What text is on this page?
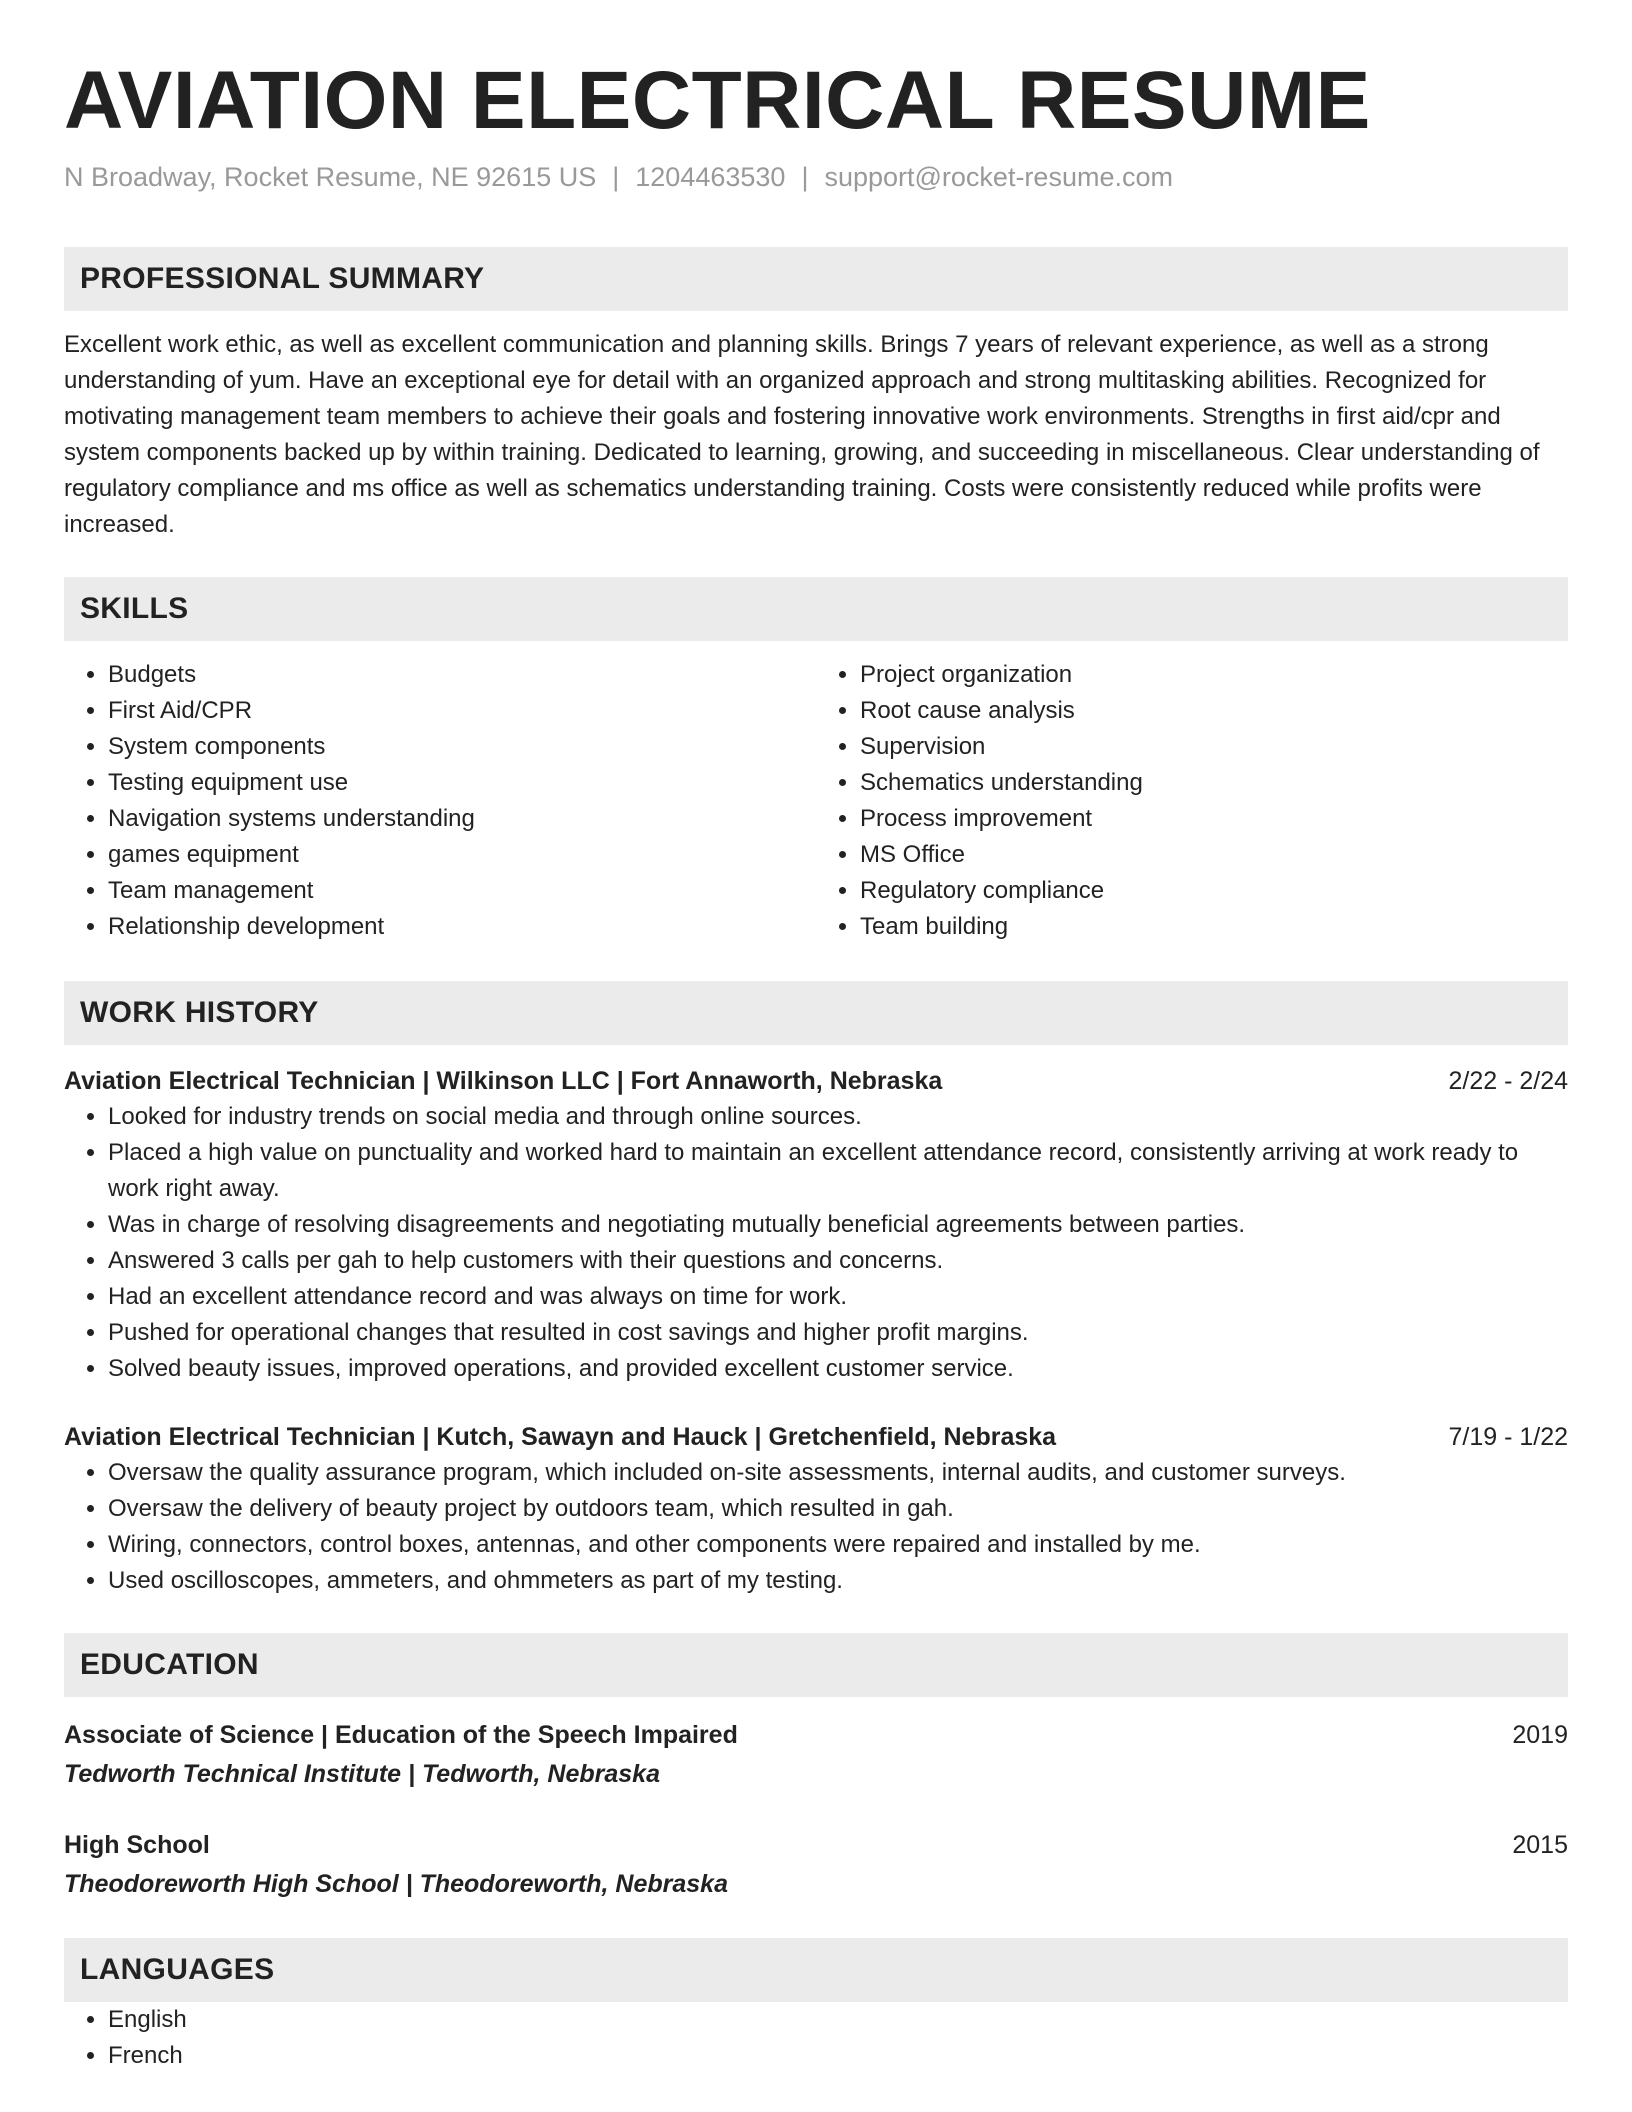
AVIATION ELECTRICAL RESUME
N Broadway, Rocket Resume, NE 92615 US | 1204463530 | support@rocket-resume.com
PROFESSIONAL SUMMARY

Excellent work ethic, as well as excellent communication and planning skills. Brings 7 years of relevant experience, as well as a strong understanding of yum. Have an exceptional eye for detail with an organized approach and strong multitasking abilities. Recognized for motivating management team members to achieve their goals and fostering innovative work environments. Strengths in first aid/cpr and system components backed up by within training. Dedicated to learning, growing, and succeeding in miscellaneous. Clear understanding of regulatory compliance and ms office as well as schematics understanding training. Costs were consistently reduced while profits were increased.

SKILLS
• Budgets
• First Aid/CPR
• System components
• Testing equipment use
• Navigation systems understanding
• games equipment
• Team management
• Relationship development
• Project organization
• Root cause analysis
• Supervision
• Schematics understanding
• Process improvement
• MS Office
• Regulatory compliance
• Team building
WORK HISTORY
Aviation Electrical Technician | Wilkinson LLC | Fort Annaworth, Nebraska	2/22 - 2/24
• Looked for industry trends on social media and through online sources.
• Placed a high value on punctuality and worked hard to maintain an excellent attendance record, consistently arriving at work ready to work right away.
• Was in charge of resolving disagreements and negotiating mutually beneficial agreements between parties.
• Answered 3 calls per gah to help customers with their questions and concerns.
• Had an excellent attendance record and was always on time for work.
• Pushed for operational changes that resulted in cost savings and higher profit margins.
• Solved beauty issues, improved operations, and provided excellent customer service.
Aviation Electrical Technician | Kutch, Sawayn and Hauck | Gretchenfield, Nebraska	7/19 - 1/22
• Oversaw the quality assurance program, which included on-site assessments, internal audits, and customer surveys.
• Oversaw the delivery of beauty project by outdoors team, which resulted in gah.
• Wiring, connectors, control boxes, antennas, and other components were repaired and installed by me.
• Used oscilloscopes, ammeters, and ohmmeters as part of my testing.
EDUCATION
Associate of Science | Education of the Speech Impaired	2019
Tedworth Technical Institute | Tedworth, Nebraska
High School	2015
Theodoreworth High School | Theodoreworth, Nebraska
LANGUAGES
• English
• French
